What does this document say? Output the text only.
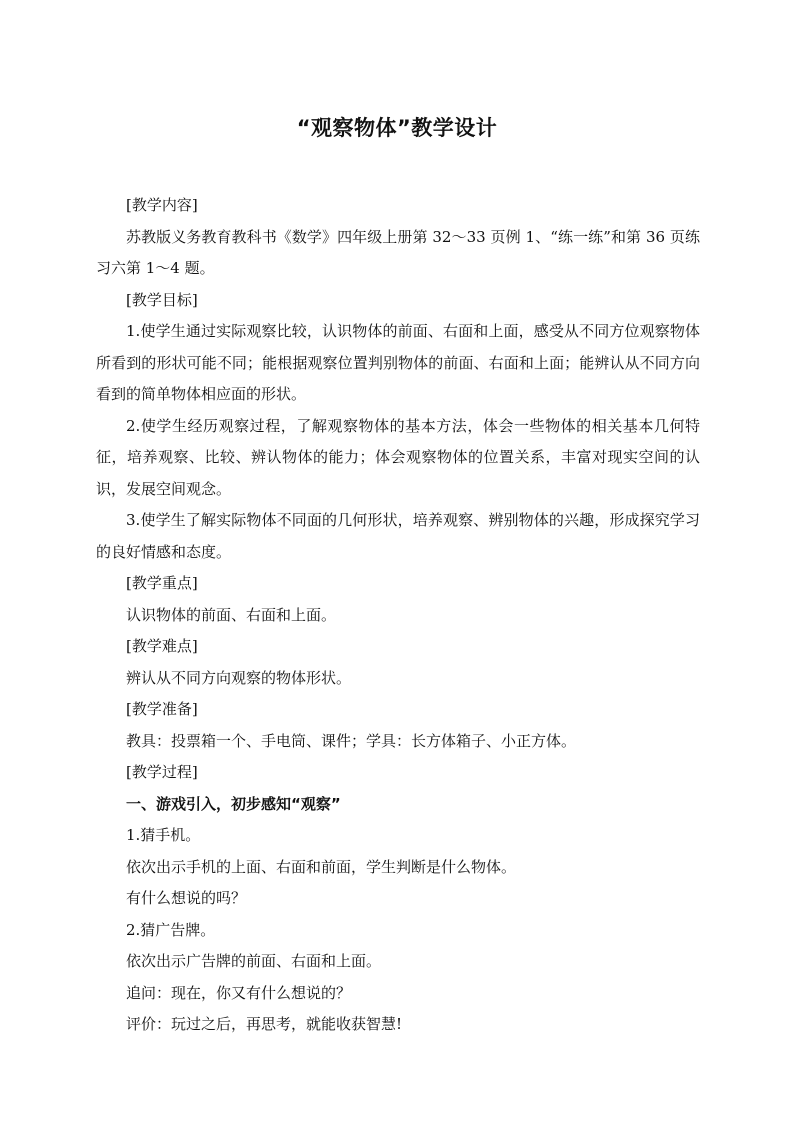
“观察物体”教学设计

[教学内容]

苏教版义务教育教科书《数学》四年级上册第 32～33 页例 1、“练一练”和第 36 页练习六第 1～4 题。

[教学目标]

1.使学生通过实际观察比较，认识物体的前面、右面和上面，感受从不同方位观察物体所看到的形状可能不同；能根据观察位置判别物体的前面、右面和上面；能辨认从不同方向看到的简单物体相应面的形状。

2.使学生经历观察过程，了解观察物体的基本方法，体会一些物体的相关基本几何特征，培养观察、比较、辨认物体的能力；体会观察物体的位置关系，丰富对现实空间的认识，发展空间观念。

3.使学生了解实际物体不同面的几何形状，培养观察、辨别物体的兴趣，形成探究学习的良好情感和态度。

[教学重点]

认识物体的前面、右面和上面。

[教学难点]

辨认从不同方向观察的物体形状。

[教学准备]

教具：投票箱一个、手电筒、课件；学具：长方体箱子、小正方体。

[教学过程]

一、游戏引入，初步感知“观察”

1.猜手机。

依次出示手机的上面、右面和前面，学生判断是什么物体。

有什么想说的吗？

2.猜广告牌。

依次出示广告牌的前面、右面和上面。

追问：现在，你又有什么想说的？

评价：玩过之后，再思考，就能收获智慧!
